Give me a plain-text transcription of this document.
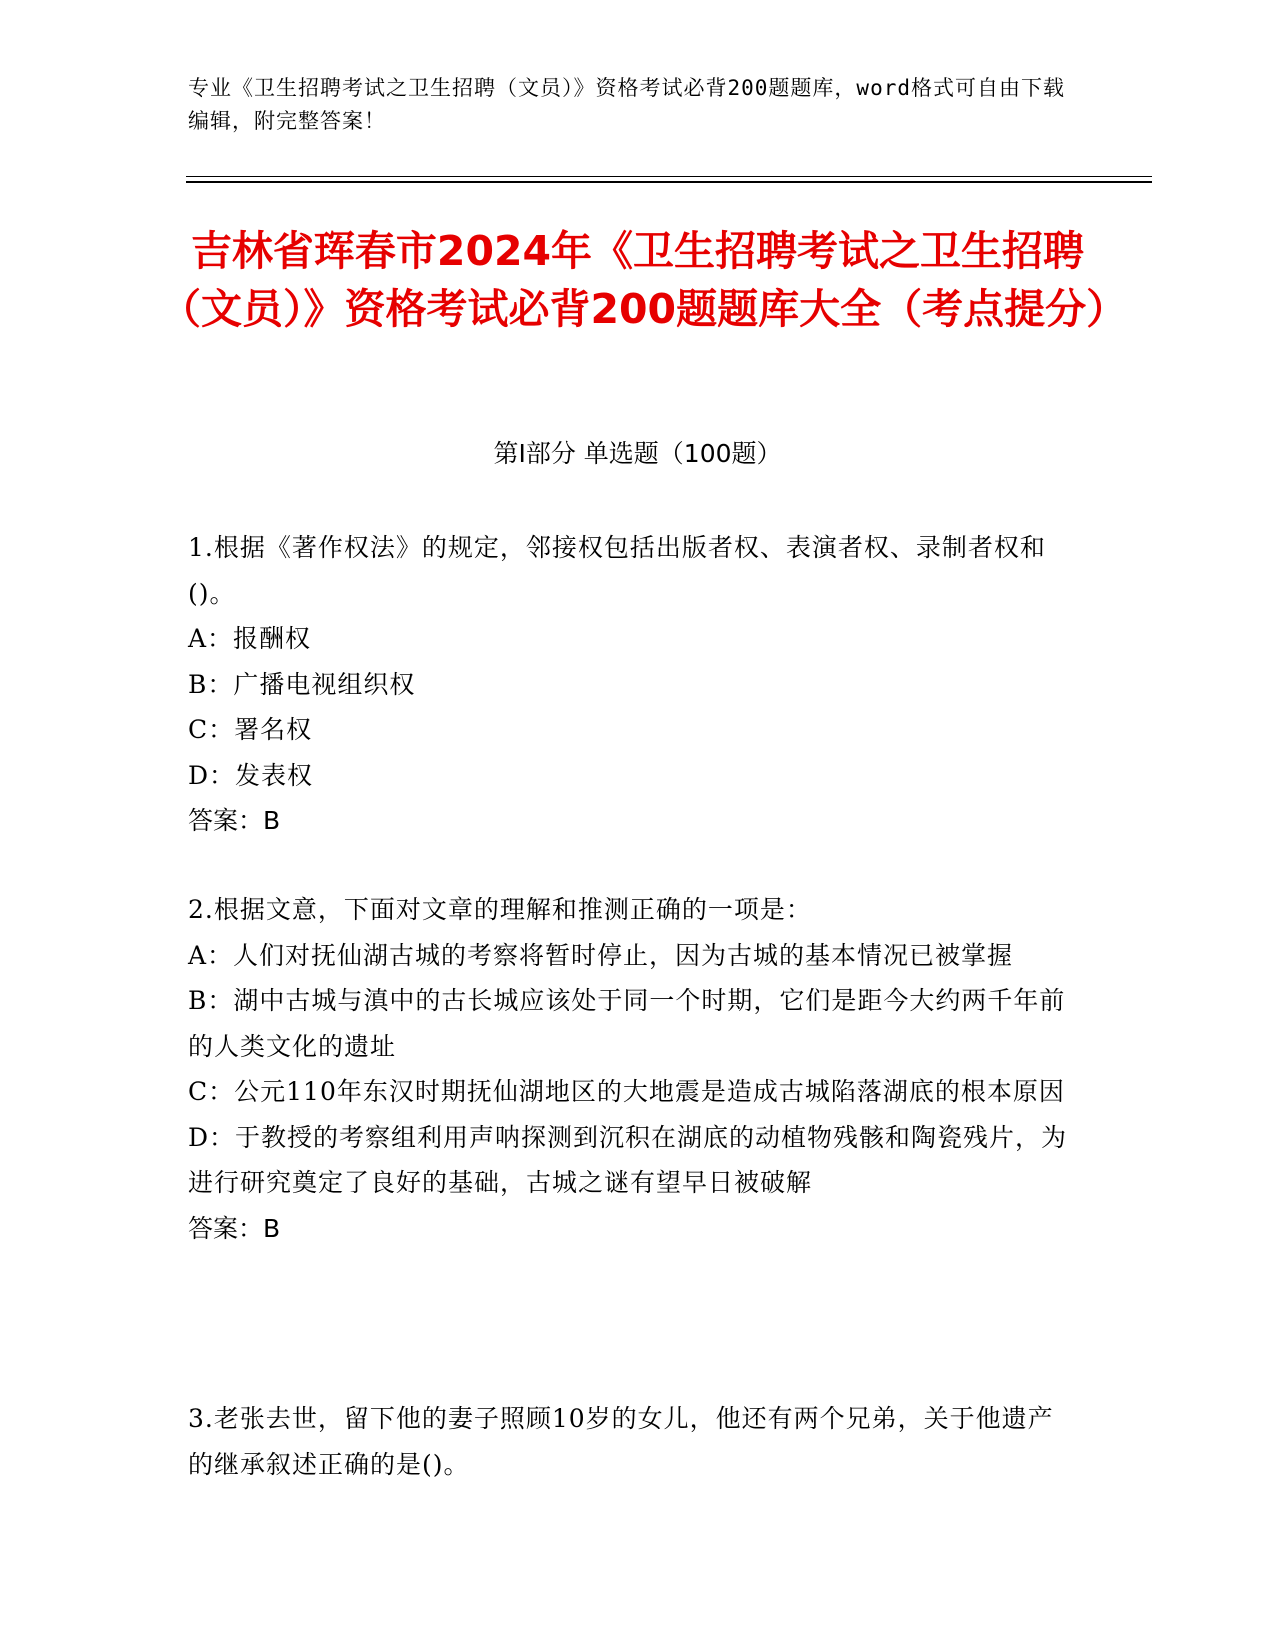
专业《卫生招聘考试之卫生招聘（文员）》资格考试必背200题题库，word格式可自由下载编辑，附完整答案！
吉林省珲春市2024年《卫生招聘考试之卫生招聘（文员）》资格考试必背200题题库大全（考点提分）
第Ⅰ部分 单选题（100题）

1.根据《著作权法》的规定，邻接权包括出版者权、表演者权、录制者权和()。

A：报酬权

B：广播电视组织权

C：署名权

D：发表权

答案：B

2.根据文意，下面对文章的理解和推测正确的一项是：

A：人们对抚仙湖古城的考察将暂时停止，因为古城的基本情况已被掌握

B：湖中古城与滇中的古长城应该处于同一个时期，它们是距今大约两千年前的人类文化的遗址

C：公元110年东汉时期抚仙湖地区的大地震是造成古城陷落湖底的根本原因

D：于教授的考察组利用声呐探测到沉积在湖底的动植物残骸和陶瓷残片，为进行研究奠定了良好的基础，古城之谜有望早日被破解

答案：B

3.老张去世，留下他的妻子照顾10岁的女儿，他还有两个兄弟，关于他遗产的继承叙述正确的是()。
